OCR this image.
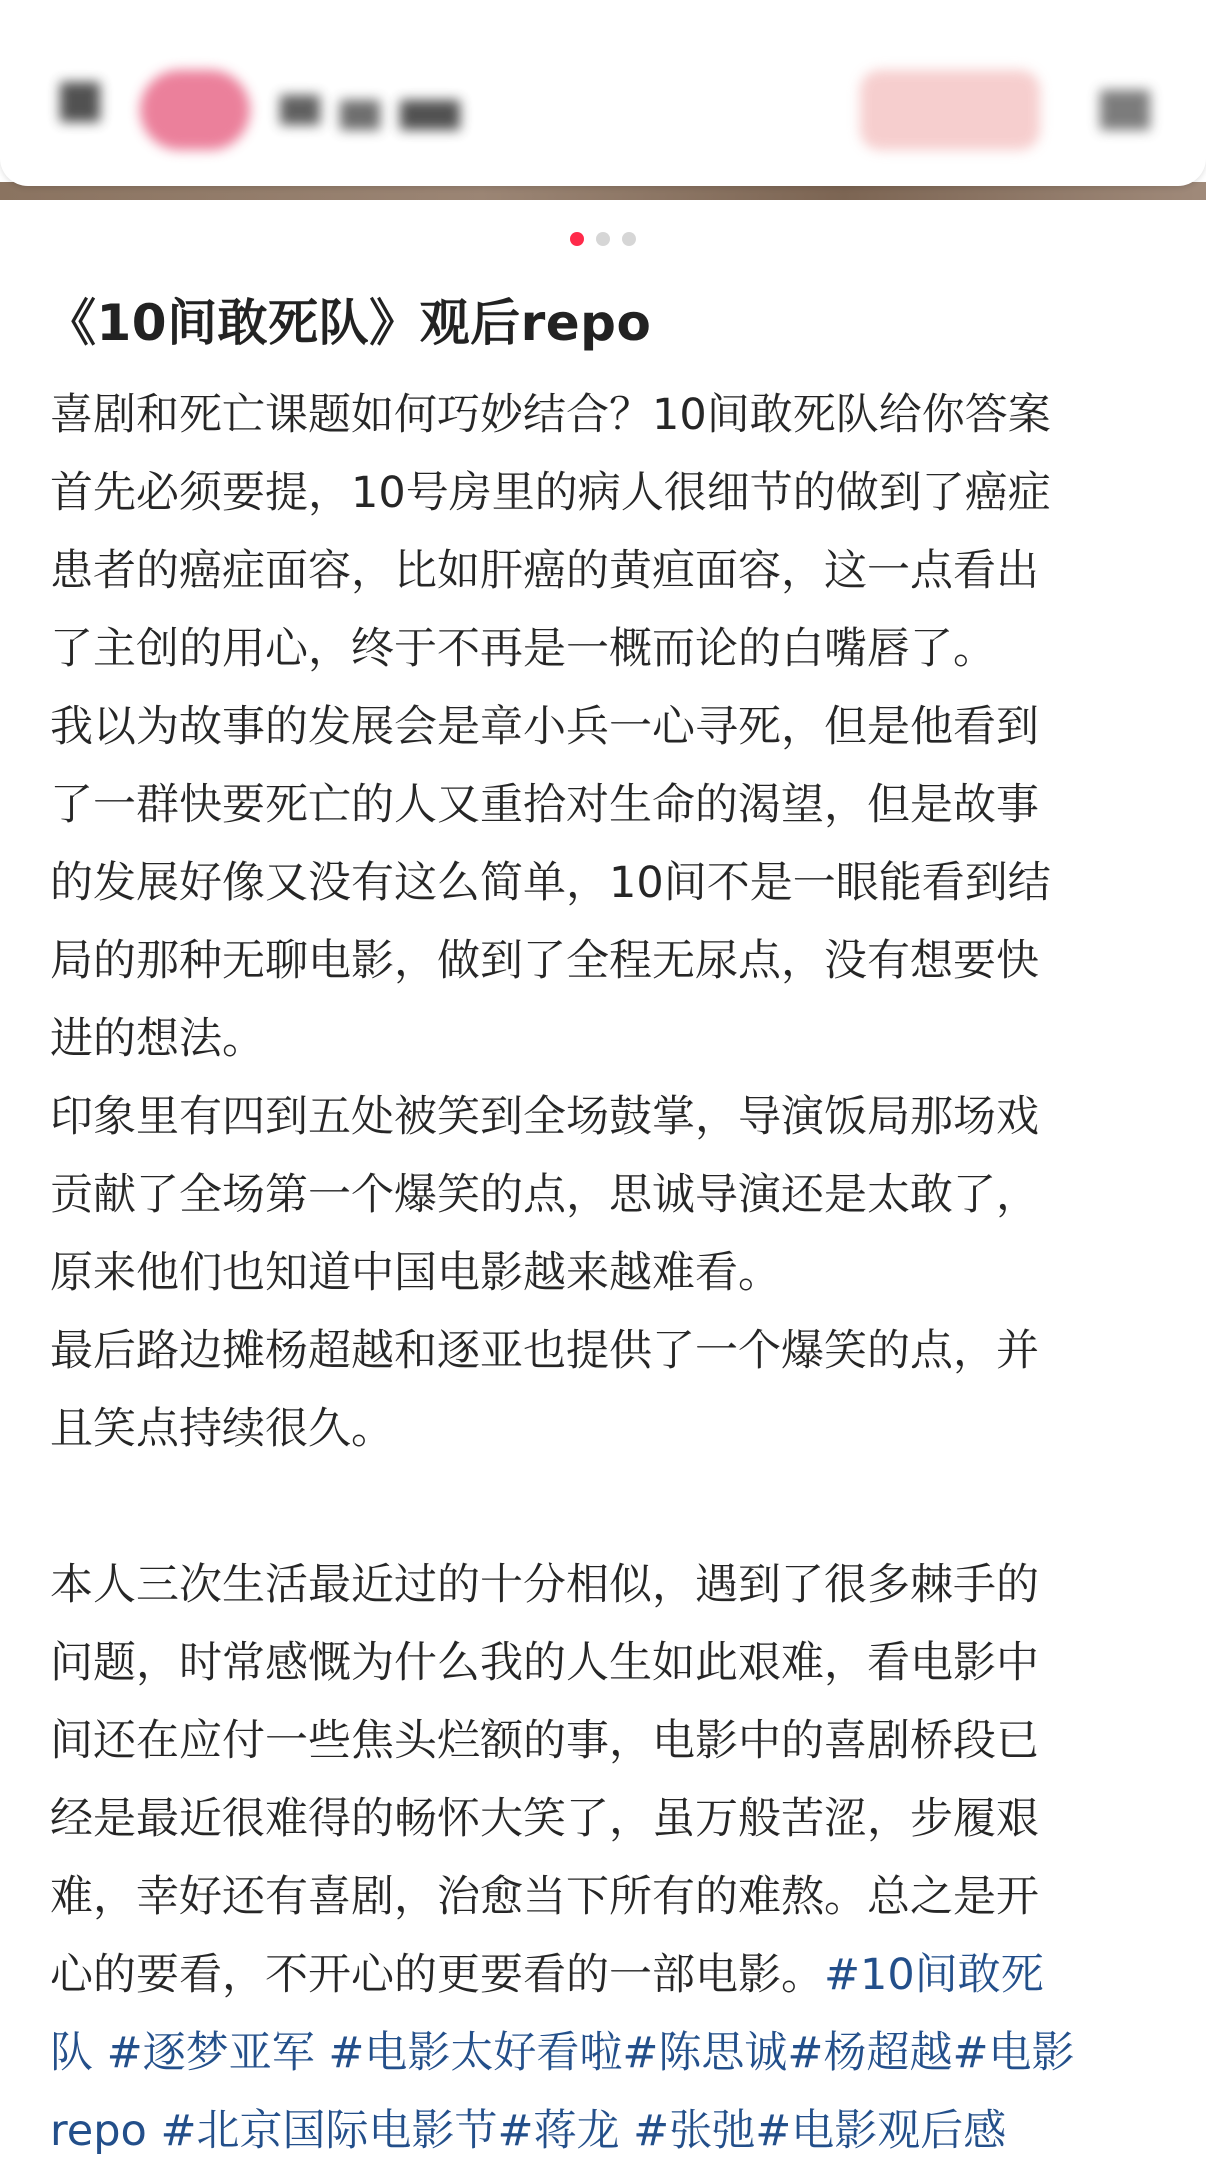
《10间敢死队》观后repo
喜剧和死亡课题如何巧妙结合？10间敢死队给你答案
首先必须要提，10号房里的病人很细节的做到了癌症
患者的癌症面容，比如肝癌的黄疸面容，这一点看出
了主创的用心，终于不再是一概而论的白嘴唇了。
我以为故事的发展会是章小兵一心寻死，但是他看到
了一群快要死亡的人又重拾对生命的渴望，但是故事
的发展好像又没有这么简单，10间不是一眼能看到结
局的那种无聊电影，做到了全程无尿点，没有想要快
进的想法。
印象里有四到五处被笑到全场鼓掌，导演饭局那场戏
贡献了全场第一个爆笑的点，思诚导演还是太敢了，
原来他们也知道中国电影越来越难看。
最后路边摊杨超越和逐亚也提供了一个爆笑的点，并
且笑点持续很久。
本人三次生活最近过的十分相似，遇到了很多棘手的
问题，时常感慨为什么我的人生如此艰难，看电影中
间还在应付一些焦头烂额的事，电影中的喜剧桥段已
经是最近很难得的畅怀大笑了，虽万般苦涩，步履艰
难，幸好还有喜剧，治愈当下所有的难熬。总之是开
心的要看，不开心的更要看的一部电影。#10间敢死
队 #逐梦亚军 #电影太好看啦#陈思诚#杨超越#电影
repo #北京国际电影节#蒋龙 #张弛#电影观后感
